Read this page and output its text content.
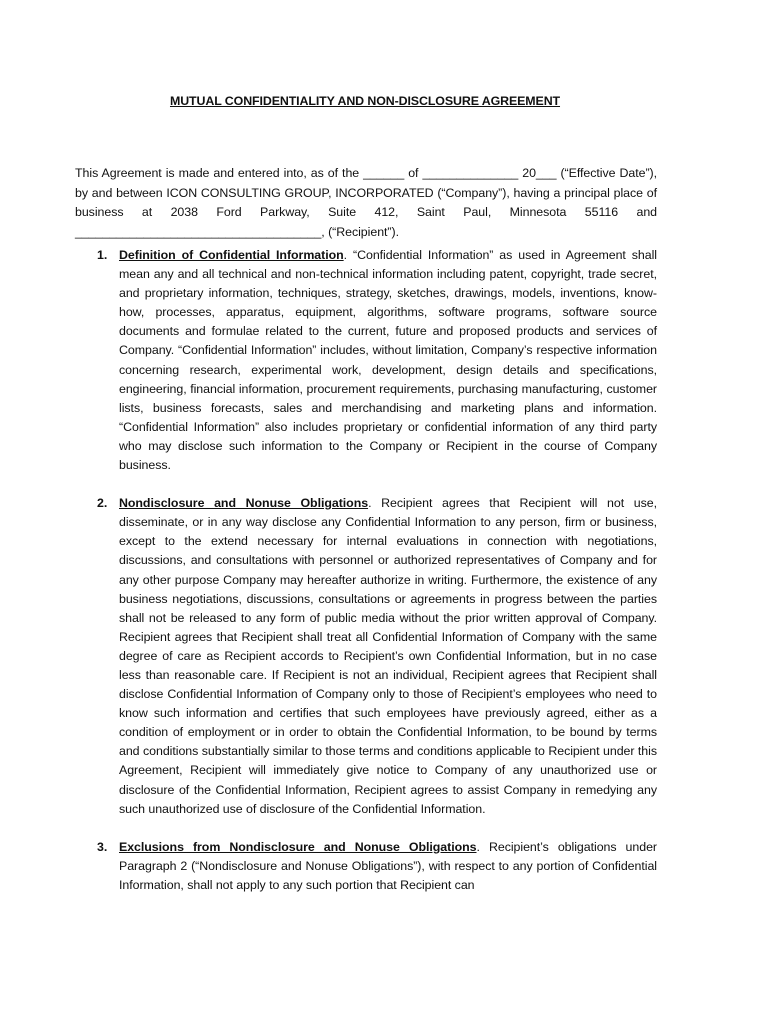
MUTUAL CONFIDENTIALITY AND NON-DISCLOSURE AGREEMENT

This Agreement is made and entered into, as of the ______ of ______________ 20___ (“Effective Date”), by and between ICON CONSULTING GROUP, INCORPORATED (“Company”), having a principal place of business at 2038 Ford Parkway, Suite 412, Saint Paul, Minnesota 55116 and ____________________________________, (“Recipient”).

1. Definition of Confidential Information. “Confidential Information” as used in Agreement shall mean any and all technical and non-technical information including patent, copyright, trade secret, and proprietary information, techniques, strategy, sketches, drawings, models, inventions, know-how, processes, apparatus, equipment, algorithms, software programs, software source documents and formulae related to the current, future and proposed products and services of Company. “Confidential Information” includes, without limitation, Company’s respective information concerning research, experimental work, development, design details and specifications, engineering, financial information, procurement requirements, purchasing manufacturing, customer lists, business forecasts, sales and merchandising and marketing plans and information. “Confidential Information” also includes proprietary or confidential information of any third party who may disclose such information to the Company or Recipient in the course of Company business.
2. Nondisclosure and Nonuse Obligations. Recipient agrees that Recipient will not use, disseminate, or in any way disclose any Confidential Information to any person, firm or business, except to the extend necessary for internal evaluations in connection with negotiations, discussions, and consultations with personnel or authorized representatives of Company and for any other purpose Company may hereafter authorize in writing. Furthermore, the existence of any business negotiations, discussions, consultations or agreements in progress between the parties shall not be released to any form of public media without the prior written approval of Company. Recipient agrees that Recipient shall treat all Confidential Information of Company with the same degree of care as Recipient accords to Recipient’s own Confidential Information, but in no case less than reasonable care. If Recipient is not an individual, Recipient agrees that Recipient shall disclose Confidential Information of Company only to those of Recipient’s employees who need to know such information and certifies that such employees have previously agreed, either as a condition of employment or in order to obtain the Confidential Information, to be bound by terms and conditions substantially similar to those terms and conditions applicable to Recipient under this Agreement, Recipient will immediately give notice to Company of any unauthorized use or disclosure of the Confidential Information, Recipient agrees to assist Company in remedying any such unauthorized use of disclosure of the Confidential Information.
3. Exclusions from Nondisclosure and Nonuse Obligations. Recipient’s obligations under Paragraph 2 (“Nondisclosure and Nonuse Obligations”), with respect to any portion of Confidential Information, shall not apply to any such portion that Recipient can
